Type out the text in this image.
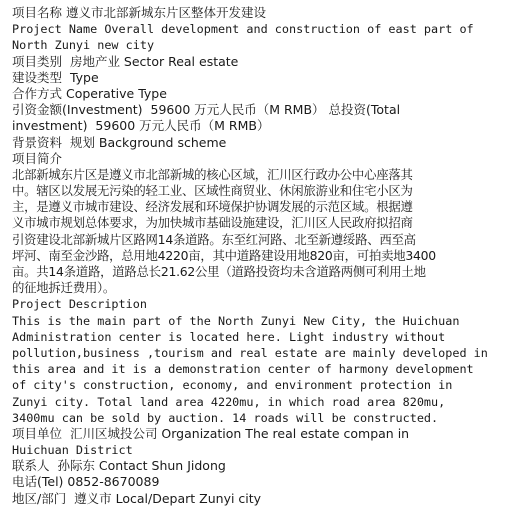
项目名称 遵义市北部新城东片区整体开发建设
Project Name Overall development and construction of east part of
North Zunyi new city
项目类别  房地产业 Sector Real estate
建设类型  Type
合作方式 Coperative Type
引资金额(Investment)  59600 万元人民币（M RMB） 总投资(Total
investment)  59600 万元人民币（M RMB）
背景资料  规划 Background scheme
项目简介
北部新城东片区是遵义市北部新城的核心区域，汇川区行政办公中心座落其
中。辖区以发展无污染的轻工业、区域性商贸业、休闲旅游业和住宅小区为
主，是遵义市城市建设、经济发展和环境保护协调发展的示范区域。根据遵
义市城市规划总体要求，为加快城市基础设施建设，汇川区人民政府拟招商
引资建设北部新城片区路网14条道路。东至红河路、北至新遵绥路、西至高
坪河、南至金沙路，总用地4220亩，其中道路建设用地820亩，可拍卖地3400
亩。共14条道路，道路总长21.62公里（道路投资均未含道路两侧可利用土地
的征地拆迁费用）。
Project Description
This is the main part of the North Zunyi New City, the Huichuan
Administration center is located here. Light industry without
pollution,business ,tourism and real estate are mainly developed in
this area and it is a demonstration center of harmony development
of city's construction, economy, and environment protection in
Zunyi city. Total land area 4220mu, in which road area 820mu,
3400mu can be sold by auction. 14 roads will be constructed.
项目单位  汇川区城投公司 Organization The real estate compan in
Huichuan District
联系人  孙际东 Contact Shun Jidong
电话(Tel) 0852-8670089
地区/部门  遵义市 Local/Depart Zunyi city
